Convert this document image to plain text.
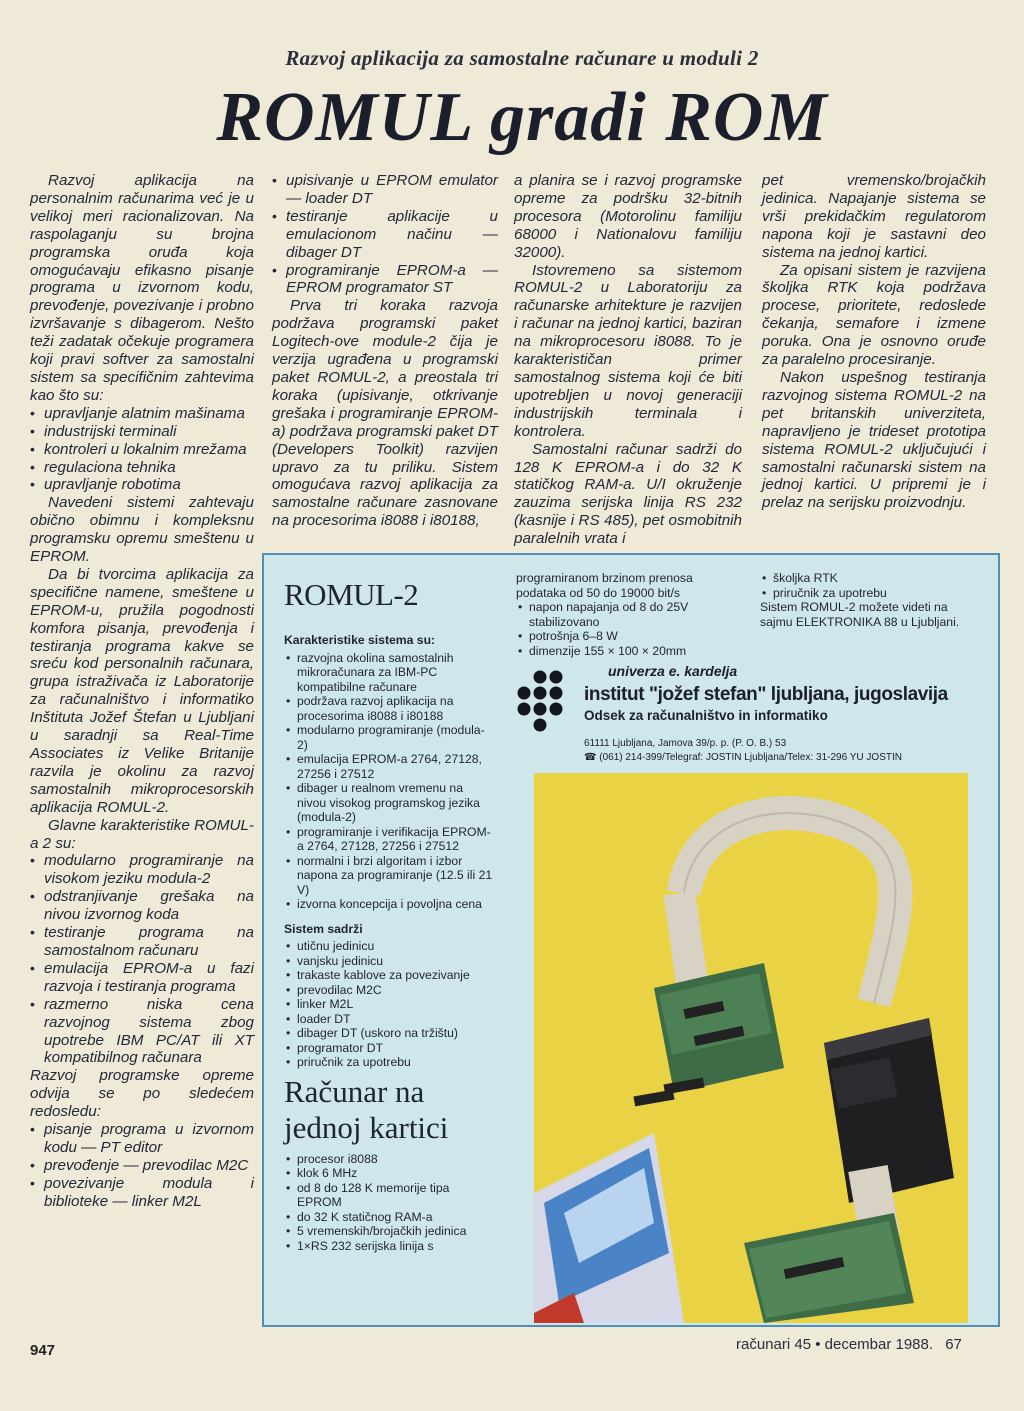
Razvoj aplikacija za samostalne računare u moduli 2
ROMUL gradi ROM

Razvoj aplikacija na personalnim računarima već je u velikoj meri racionalizovan. Na raspolaganju su brojna programska oruđa koja omogućavaju efikasno pisanje programa u izvornom kodu, prevođenje, povezivanje i probno izvršavanje s dibagerom. Nešto teži zadatak očekuje programera koji pravi softver za samostalni sistem sa specifičnim zahtevima kao što su:

• upravljanje alatnim mašinama
• industrijski terminali
• kontroleri u lokalnim mrežama
• regulaciona tehnika
• upravljanje robotima

Navedeni sistemi zahtevaju obično obimnu i kompleksnu programsku opremu smeštenu u EPROM.

Da bi tvorcima aplikacija za specifične namene, smeštene u EPROM-u, pružila pogodnosti komfora pisanja, prevođenja i testiranja programa kakve se sreću kod personalnih računara, grupa istraživača iz Laboratorije za računalništvo i informatiko Inštituta Jožef Štefan u Ljubljani u saradnji sa Real-Time Associates iz Velike Britanije razvila je okolinu za razvoj samostalnih mikroprocesorskih aplikacija ROMUL-2.

Glavne karakteristike ROMUL-a 2 su:

• modularno programiranje na visokom jeziku modula-2
• odstranjivanje grešaka na nivou izvornog koda
• testiranje programa na samostalnom računaru
• emulacija EPROM-a u fazi razvoja i testiranja programa
• razmerno niska cena razvojnog sistema zbog upotrebe IBM PC/AT ili XT kompatibilnog računara

Razvoj programske opreme odvija se po sledećem redosledu:

• pisanje programa u izvornom kodu — PT editor
• prevođenje — prevodilac M2C
• povezivanje modula i biblioteke — linker M2L
• upisivanje u EPROM emulator — loader DT
• testiranje aplikacije u emulacionom načinu — dibager DT
• programiranje EPROM-a — EPROM programator ST

Prva tri koraka razvoja podržava programski paket Logitech-ove module-2 čija je verzija ugrađena u programski paket ROMUL-2, a preostala tri koraka (upisivanje, otkrivanje grešaka i programiranje EPROM-a) podržava programski paket DT (Developers Toolkit) razvijen upravo za tu priliku. Sistem omogućava razvoj aplikacija za samostalne računare zasnovane na procesorima i8088 i i80188,

a planira se i razvoj programske opreme za podršku 32-bitnih procesora (Motorolinu familiju 68000 i Nationalovu familiju 32000).

Istovremeno sa sistemom ROMUL-2 u Laboratoriju za računarske arhitekture je razvijen i računar na jednoj kartici, baziran na mikroprocesoru i8088. To je karakterističan primer samostalnog sistema koji će biti upotrebljen u novoj generaciji industrijskih terminala i kontrolera.

Samostalni računar sadrži do 128 K EPROM-a i do 32 K statičkog RAM-a. U/I okruženje zauzima serijska linija RS 232 (kasnije i RS 485), pet osmobitnih paralelnih vrata i

pet vremensko/brojačkih jedinica. Napajanje sistema se vrši prekidačkim regulatorom napona koji je sastavni deo sistema na jednoj kartici.

Za opisani sistem je razvijena školjka RTK koja podržava procese, prioritete, redoslede čekanja, semafore i izmene poruka. Ona je osnovno oruđe za paralelno procesiranje.

Nakon uspešnog testiranja razvojnog sistema ROMUL-2 na pet britanskih univerziteta, napravljeno je trideset prototipa sistema ROMUL-2 uključujući i samostalni računarski sistem na jednoj kartici. U pripremi je i prelaz na serijsku proizvodnju.

ROMUL-2
Karakteristike sistema su:
• razvojna okolina samostalnih mikroračunara za IBM-PC kompatibilne računare
• podržava razvoj aplikacija na procesorima i8088 i i80188
• modularno programiranje (modula-2)
• emulacija EPROM-a 2764, 27128, 27256 i 27512
• dibager u realnom vremenu na nivou visokog programskog jezika (modula-2)
• programiranje i verifikacija EPROM-a 2764, 27128, 27256 i 27512
• normalni i brzi algoritam i izbor napona za programiranje (12.5 ili 21 V)
• izvorna koncepcija i povoljna cena
Sistem sadrži
• utičnu jedinicu
• vanjsku jedinicu
• trakaste kablove za povezivanje
• prevodilac M2C
• linker M2L
• loader DT
• dibager DT (uskoro na tržištu)
• programator DT
• priručnik za upotrebu
Računar na jednoj kartici
• procesor i8088
• klok 6 MHz
• od 8 do 128 K memorije tipa EPROM
• do 32 K statičnog RAM-a
• 5 vremenskih/brojačkih jedinica
• 1×RS 232 serijska linija s
programiranom brzinom prenosa podataka od 50 do 19000 bit/s
• napon napajanja od 8 do 25V stabilizovano
• potrošnja 6–8 W
• dimenzije 155 × 100 × 20mm
• školjka RTK
• priručnik za upotrebu
Sistem ROMUL-2 možete videti na sajmu ELEKTRONIKA 88 u Ljubljani.
univerza e. kardelja
institut "jožef stefan" ljubljana, jugoslavija
Odsek za računalništvo in informatiko
61111 Ljubljana, Jamova 39/p. p. (P. O. B.) 53
☎ (061) 214-399/Telegraf: JOSTIN Ljubljana/Telex: 31-296 YU JOSTIN
947	računari 45 • decembar 1988. 67
